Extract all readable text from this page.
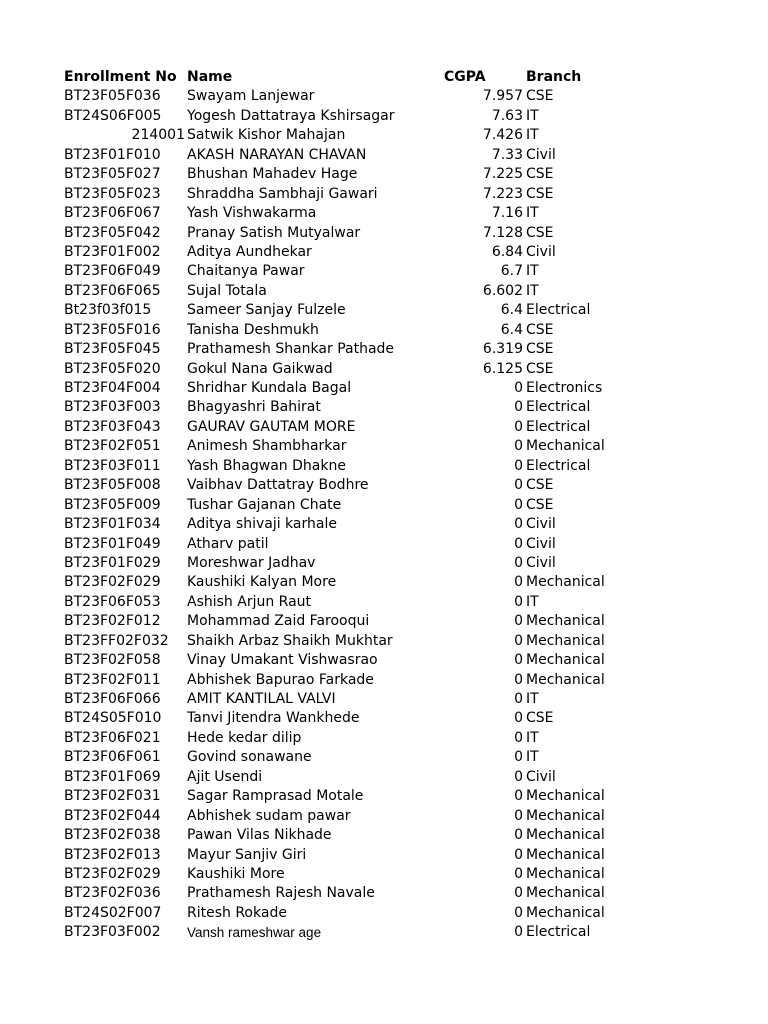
Enrollment No Name	CGPA	Branch
BT23F05F036	Swayam Lanjewar	7.957 CSE
BT24S06F005	Yogesh Dattatraya Kshirsagar	7.63 IT
214001 Satwik Kishor Mahajan	7.426 IT
BT23F01F010	AKASH NARAYAN CHAVAN	7.33 Civil
BT23F05F027	Bhushan Mahadev Hage	7.225 CSE
BT23F05F023	Shraddha Sambhaji Gawari	7.223 CSE
BT23F06F067	Yash Vishwakarma	7.16 IT
BT23F05F042	Pranay Satish Mutyalwar	7.128 CSE
BT23F01F002	Aditya Aundhekar	6.84 Civil
BT23F06F049	Chaitanya Pawar	6.7 IT
BT23F06F065	Sujal Totala	6.602 IT
Bt23f03f015	Sameer Sanjay Fulzele	6.4 Electrical
BT23F05F016	Tanisha Deshmukh	6.4 CSE
BT23F05F045	Prathamesh Shankar Pathade	6.319 CSE
BT23F05F020	Gokul Nana Gaikwad	6.125 CSE
BT23F04F004	Shridhar Kundala Bagal	0 Electronics
BT23F03F003	Bhagyashri Bahirat	0 Electrical
BT23F03F043	GAURAV GAUTAM MORE	0 Electrical
BT23F02F051	Animesh Shambharkar	0 Mechanical
BT23F03F011	Yash Bhagwan Dhakne	0 Electrical
BT23F05F008	Vaibhav Dattatray Bodhre	0 CSE
BT23F05F009	Tushar Gajanan Chate	0 CSE
BT23F01F034	Aditya shivaji karhale	0 Civil
BT23F01F049	Atharv patil	0 Civil
BT23F01F029	Moreshwar Jadhav	0 Civil
BT23F02F029	Kaushiki Kalyan More	0 Mechanical
BT23F06F053	Ashish Arjun Raut	0 IT
BT23F02F012	Mohammad Zaid Farooqui	0 Mechanical
BT23FF02F032	Shaikh Arbaz Shaikh Mukhtar	0 Mechanical
BT23F02F058	Vinay Umakant Vishwasrao	0 Mechanical
BT23F02F011	Abhishek Bapurao Farkade	0 Mechanical
BT23F06F066	AMIT KANTILAL VALVI	0 IT
BT24S05F010	Tanvi Jitendra Wankhede	0 CSE
BT23F06F021	Hede kedar dilip	0 IT
BT23F06F061	Govind sonawane	0 IT
BT23F01F069	Ajit Usendi	0 Civil
BT23F02F031	Sagar Ramprasad Motale	0 Mechanical
BT23F02F044	Abhishek sudam pawar	0 Mechanical
BT23F02F038	Pawan Vilas Nikhade	0 Mechanical
BT23F02F013	Mayur Sanjiv Giri	0 Mechanical
BT23F02F029	Kaushiki More	0 Mechanical
BT23F02F036	Prathamesh Rajesh Navale	0 Mechanical
BT24S02F007	Ritesh Rokade	0 Mechanical
BT23F03F002	Vansh rameshwar age	0 Electrical
